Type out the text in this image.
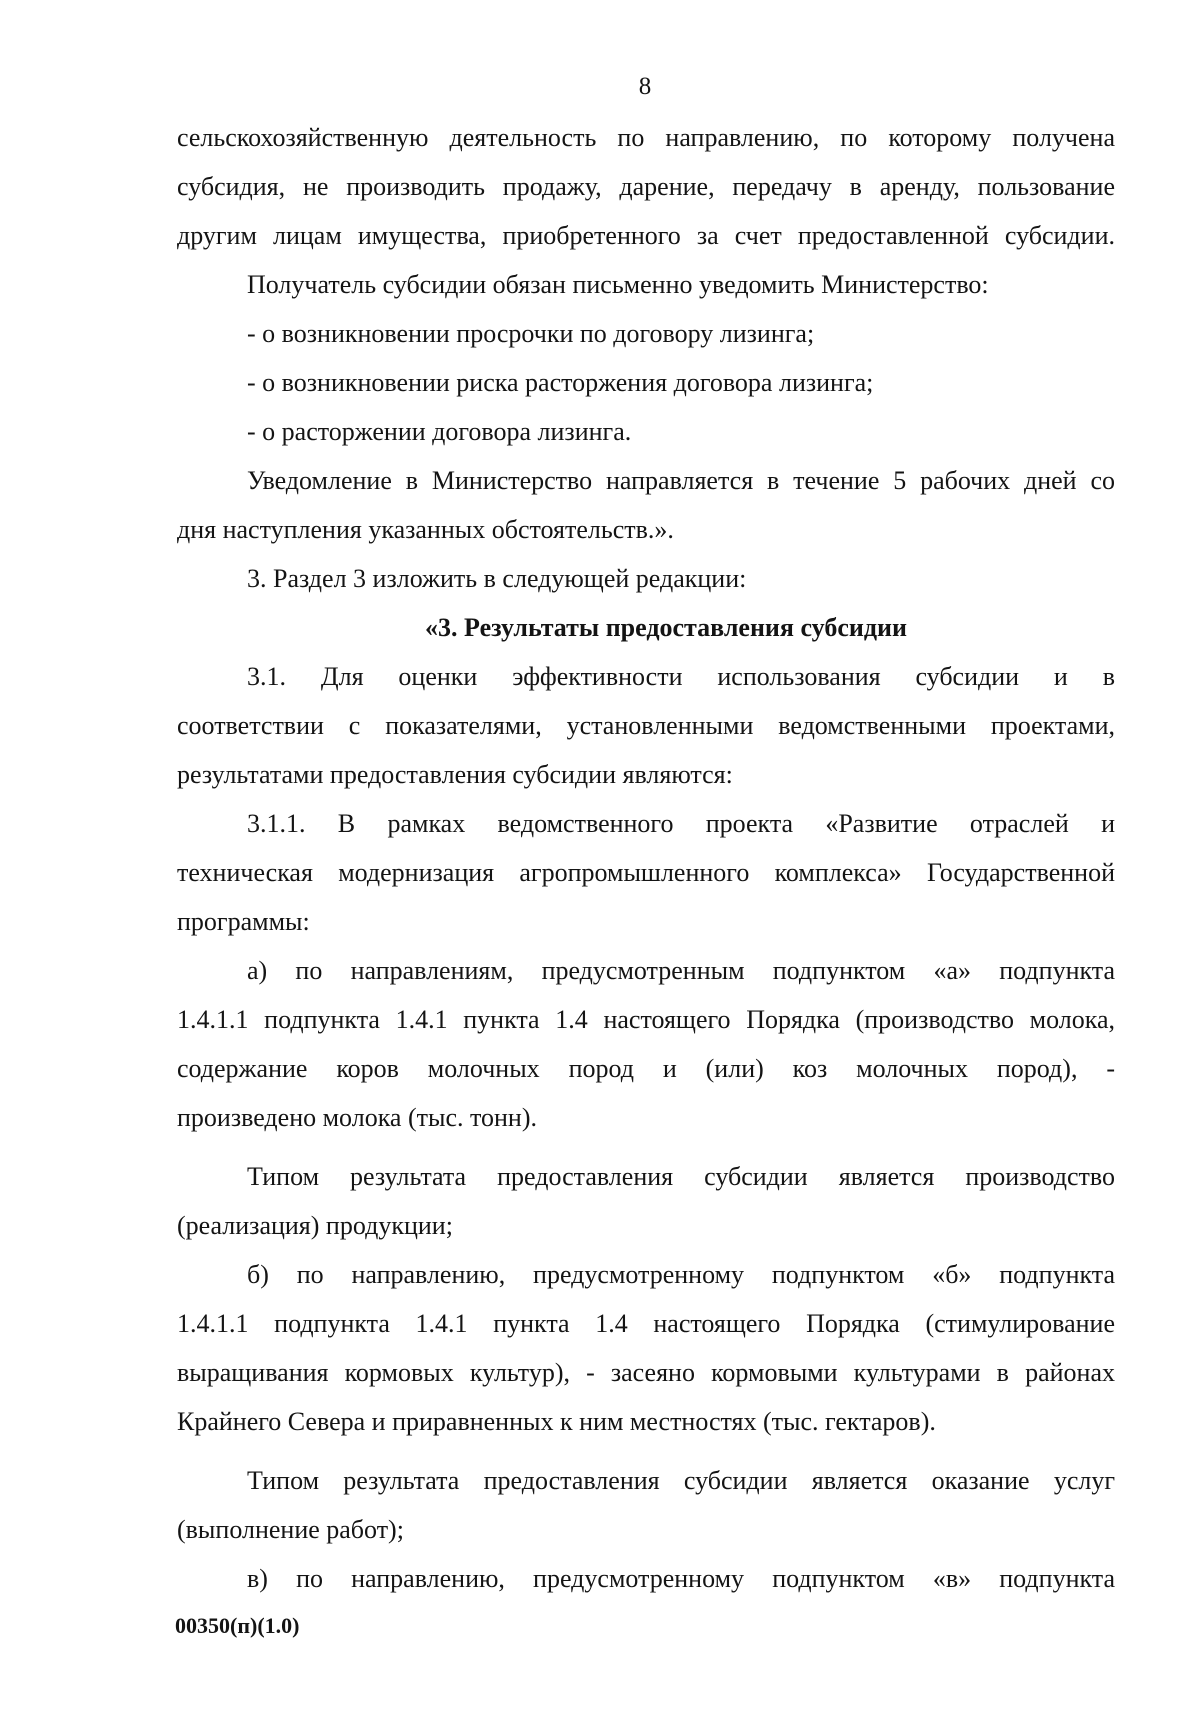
8

сельскохозяйственную деятельность по направлению, по которому получена

субсидия, не производить продажу, дарение, передачу в аренду, пользование

другим лицам имущества, приобретенного за счет предоставленной субсидии.

Получатель субсидии обязан письменно уведомить Министерство:

- о возникновении просрочки по договору лизинга;

- о возникновении риска расторжения договора лизинга;

- о расторжении договора лизинга.

Уведомление в Министерство направляется в течение 5 рабочих дней со

дня наступления указанных обстоятельств.».

3. Раздел 3 изложить в следующей редакции:

«3. Результаты предоставления субсидии

3.1. Для оценки эффективности использования субсидии и в

соответствии с показателями, установленными ведомственными проектами,

результатами предоставления субсидии являются:

3.1.1. В рамках ведомственного проекта «Развитие отраслей и

техническая модернизация агропромышленного комплекса» Государственной

программы:

а) по направлениям, предусмотренным подпунктом «а» подпункта

1.4.1.1 подпункта 1.4.1 пункта 1.4 настоящего Порядка (производство молока,

содержание коров молочных пород и (или) коз молочных пород), -

произведено молока (тыс. тонн).

Типом результата предоставления субсидии является производство

(реализация) продукции;

б) по направлению, предусмотренному подпунктом «б» подпункта

1.4.1.1 подпункта 1.4.1 пункта 1.4 настоящего Порядка (стимулирование

выращивания кормовых культур), - засеяно кормовыми культурами в районах

Крайнего Севера и приравненных к ним местностях (тыс. гектаров).

Типом результата предоставления субсидии является оказание услуг

(выполнение работ);

в) по направлению, предусмотренному подпунктом «в» подпункта

00350(п)(1.0)
